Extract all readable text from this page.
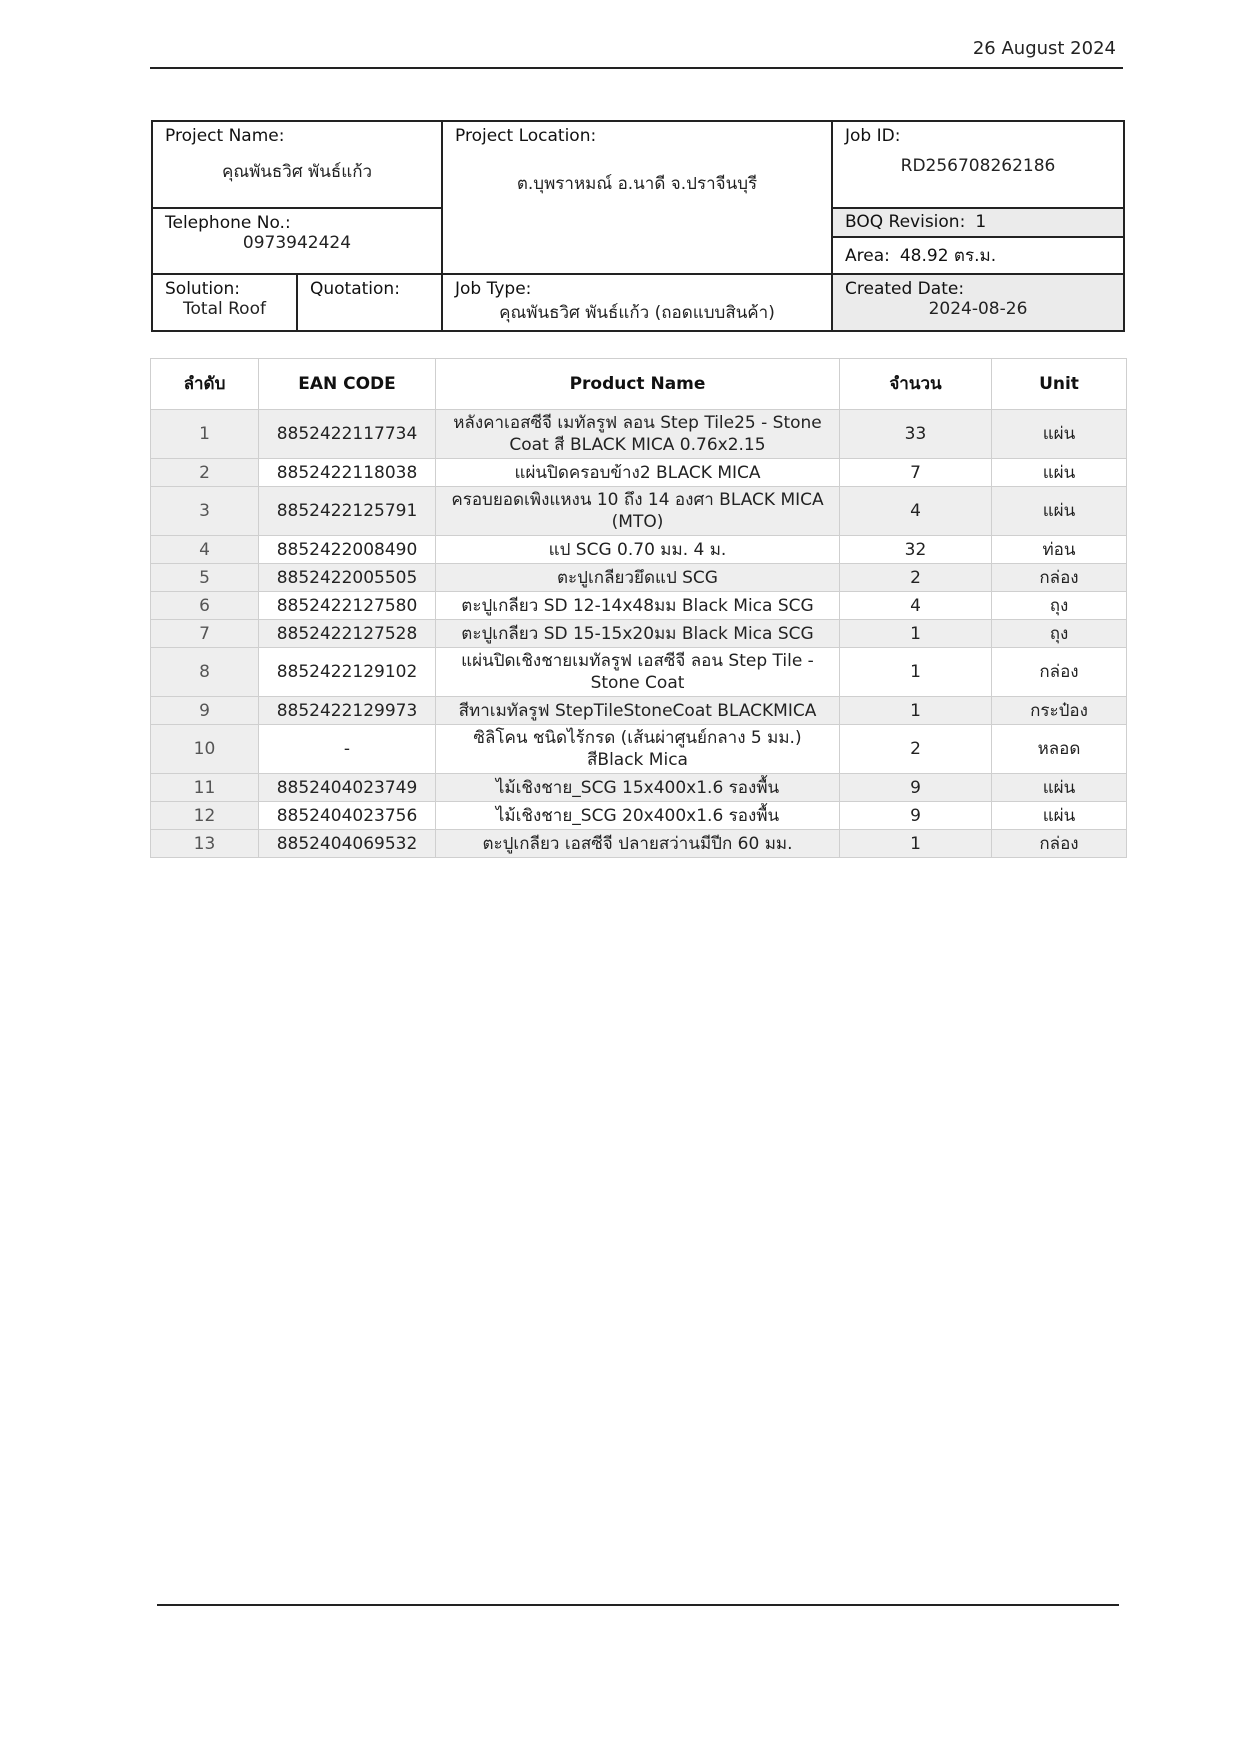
26 August 2024
Project Name:
คุณพันธวิศ พันธ์แก้ว		Project Location:
ต.บุพราหมณ์ อ.นาดี จ.ปราจีนบุรี	Job ID:
RD256708262186

Telephone No.:
0973942424			BOQ Revision: 1
			Area: 48.92 ตร.ม.

Solution:
Total Roof	Quotation:	Job Type:
คุณพันธวิศ พันธ์แก้ว (ถอดแบบสินค้า)	Created Date:
2024-08-26
ลำดับ	EAN CODE	Product Name	จำนวน	Unit
1	8852422117734	หลังคาเอสซีจี เมทัลรูฟ ลอน Step Tile25 - Stone Coat สี BLACK MICA 0.76x2.15	33	แผ่น
2	8852422118038	แผ่นปิดครอบข้าง2 BLACK MICA	7	แผ่น
3	8852422125791	ครอบยอดเพิงแหงน 10 ถึง 14 องศา BLACK MICA (MTO)	4	แผ่น
4	8852422008490	แป SCG 0.70 มม. 4 ม.	32	ท่อน
5	8852422005505	ตะปูเกลียวยึดแป SCG	2	กล่อง
6	8852422127580	ตะปูเกลียว SD 12-14x48มม Black Mica SCG	4	ถุง
7	8852422127528	ตะปูเกลียว SD 15-15x20มม Black Mica SCG	1	ถุง
8	8852422129102	แผ่นปิดเชิงชายเมทัลรูฟ เอสซีจี ลอน Step Tile - Stone Coat	1	กล่อง
9	8852422129973	สีทาเมทัลรูฟ StepTileStoneCoat BLACKMICA	1	กระป๋อง
10	-	ซิลิโคน ชนิดไร้กรด (เส้นผ่าศูนย์กลาง 5 มม.) สีBlack Mica	2	หลอด
11	8852404023749	ไม้เชิงชาย_SCG 15x400x1.6 รองพื้น	9	แผ่น
12	8852404023756	ไม้เชิงชาย_SCG 20x400x1.6 รองพื้น	9	แผ่น
13	8852404069532	ตะปูเกลียว เอสซีจี ปลายสว่านมีปีก 60 มม.	1	กล่อง
